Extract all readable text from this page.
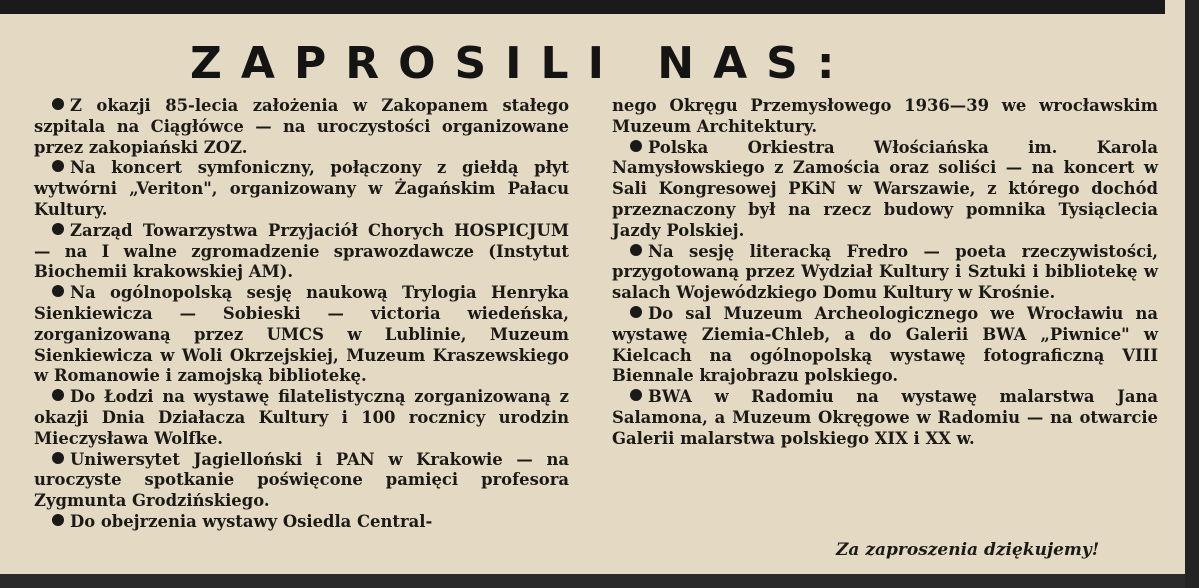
ZAPROSILI NAS:

Z okazji 85-lecia założenia w Zakopanem stałego szpitala na Ciągłówce — na uroczystości organizowane przez zakopiański ZOZ.

Na koncert symfoniczny, połączony z giełdą płyt wytwórni „Veriton", organizowany w Żagańskim Pałacu Kultury.

Zarząd Towarzystwa Przyjaciół Chorych HOSPICJUM — na I walne zgromadzenie sprawozdawcze (Instytut Biochemii krakowskiej AM).

Na ogólnopolską sesję naukową Trylogia Henryka Sienkiewicza — Sobieski — victoria wiedeńska, zorganizowaną przez UMCS w Lublinie, Muzeum Sienkiewicza w Woli Okrzejskiej, Muzeum Kraszewskiego w Romanowie i zamojską bibliotekę.

Do Łodzi na wystawę filatelistyczną zorganizowaną z okazji Dnia Działacza Kultury i 100 rocznicy urodzin Mieczysława Wolfke.

Uniwersytet Jagielloński i PAN w Krakowie — na uroczyste spotkanie poświęcone pamięci profesora Zygmunta Grodzińskiego.

Do obejrzenia wystawy Osiedla Central-

nego Okręgu Przemysłowego 1936—39 we wrocławskim Muzeum Architektury.

Polska Orkiestra Włościańska im. Karola Namysłowskiego z Zamościa oraz soliści — na koncert w Sali Kongresowej PKiN w Warszawie, z którego dochód przeznaczony był na rzecz budowy pomnika Tysiąclecia Jazdy Polskiej.

Na sesję literacką Fredro — poeta rzeczywistości, przygotowaną przez Wydział Kultury i Sztuki i bibliotekę w salach Wojewódzkiego Domu Kultury w Krośnie.

Do sal Muzeum Archeologicznego we Wrocławiu na wystawę Ziemia-Chleb, a do Galerii BWA „Piwnice" w Kielcach na ogólnopolską wystawę fotograficzną VIII Biennale krajobrazu polskiego.

BWA w Radomiu na wystawę malarstwa Jana Salamona, a Muzeum Okręgowe w Radomiu — na otwarcie Galerii malarstwa polskiego XIX i XX w.

Za zaproszenia dziękujemy!
